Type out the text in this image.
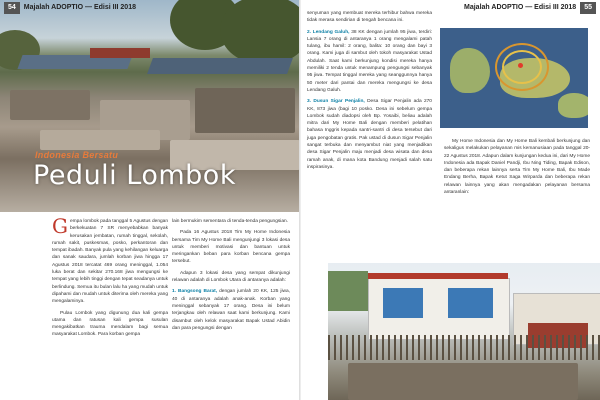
54 Majalah ADOPTIO — Edisi III 2018
Indonesia Bersatu
Peduli Lombok

Gempa lombok pada tanggal 5 Agustus dengan berkekuatan 7 SR menyebabkan banyak kerusakan jembatan, rumah tinggal, sekolah, rumah sakit, puskesmas, posko, perkantoran dan tempat ibadah. Banyak pula yang kehilangan keluarga dan sanak saudara, jumlah korban jiwa hingga 17 Agustus 2018 tercatat 469 orang meninggal, 1.054 luka berat dan sekitar 270.168 jiwa mengungsi ke tempat yang lebih tinggi dengan tepat seadanya untuk berlindung. Semua itu bulan lalu ha yang mudah untuk dipahami dan mudah untuk diterima oleh mereka yang mengalaminya.

Pulau Lombok yang digunung dua kali gempa utama dan ratusan kali gempa susulan mengakibatkan trauma mendalam bagi semua masyarakat Lombok. Para korban gempa

lain bermukim sementara di tenda-tenda pengungsian.

Pada 16 Agustus 2018 Tim My Home Indonesia bersama Tim My Home Bali mengunjungi 3 lokasi desa untuk memberi motivasi dan bantuan untuk meringankan beban para korban bencana gempa tersebut.

Adapun 3 lokasi desa yang sempat dikunjungi relawan adalah di Lombok Utara di antaranya adalah:

1. Bangsong Barat, dengan jumlah 20 KK, 125 jiwa, 40 di antaranya adalah anak-anak. Korban yang meninggal sebanyak 17 orang. Desa ini belum terjangkau oleh relawan saat kami berkunjung. Kami disambut oleh kelok masyarakat Bapak Ustad Abidin dan para pengungsi dengan

Majalah ADOPTIO — Edisi III 2018 55

senyuman yang membuat mereka terhibur bahwa mereka tidak merasa sendirian di tengah bencana ini.

2. Lendang Galuh, 38 KK dengan jumlah 95 jiwa, terdiri: Lansia 7 orang di antaranya 1 orang mengalami patah tulang, ibu hamil: 2 orang, balita: 10 orang dan bayi 3 orang. Kami juga di sambut oleh tokoh masyarakat Ustad Abdulah. Saat kami berkunjung kondisi mereka hanya memiliki 2 tenda untuk menampung pengungsi sebanyak 95 jiwa. Tempat tinggal mereka yang seanggunnya hanya 50 meter dari pantai dan mereka mengungsi ke desa Lendang Galuh.

3. Dusun Sigar Penjalin, Desa Sigar Penjalin ada 270 KK, 873 jiwa (bagi 10 posko. Desa ini sebelum gempa Lombok sudah diadopsi oleh Bp. Yosaibi, beliau adalah mitra dari My Home Bali dengan memberi pelatihan bahasa Inggris kepada santri-santri di desa tersebut dari juga pengobatan gratis. Pak ustad di dusun Sigar Penjalin sangat terbuka dan menyambut niat yang menjadikan desa Sigar Penjalin maju menjadi desa wisata dan desa ramah anak, di mana kota Bandung menjadi salah satu inspirasinya.

My Home Indonesia dan My Home Bali kembali berkunjung dan sekaligus melakukan pelayanan mis kemanusiaan pada tanggal 20-22 Agustus 2018. Adapun dalam kunjungan kedua ini, dari My Home Indonesia ada Bapak Daniel Pandji, Ibu Ning Tiding, Bapak Edison, dan beberapa rekan lainnya serta Tim My Home Bali, Ibu Made Endang Berha, Bapak Ketut Saga Wirparda dan beberapa rekan relawan lainnya yang akan mengadakan pelayanan bersama antaranlain:
